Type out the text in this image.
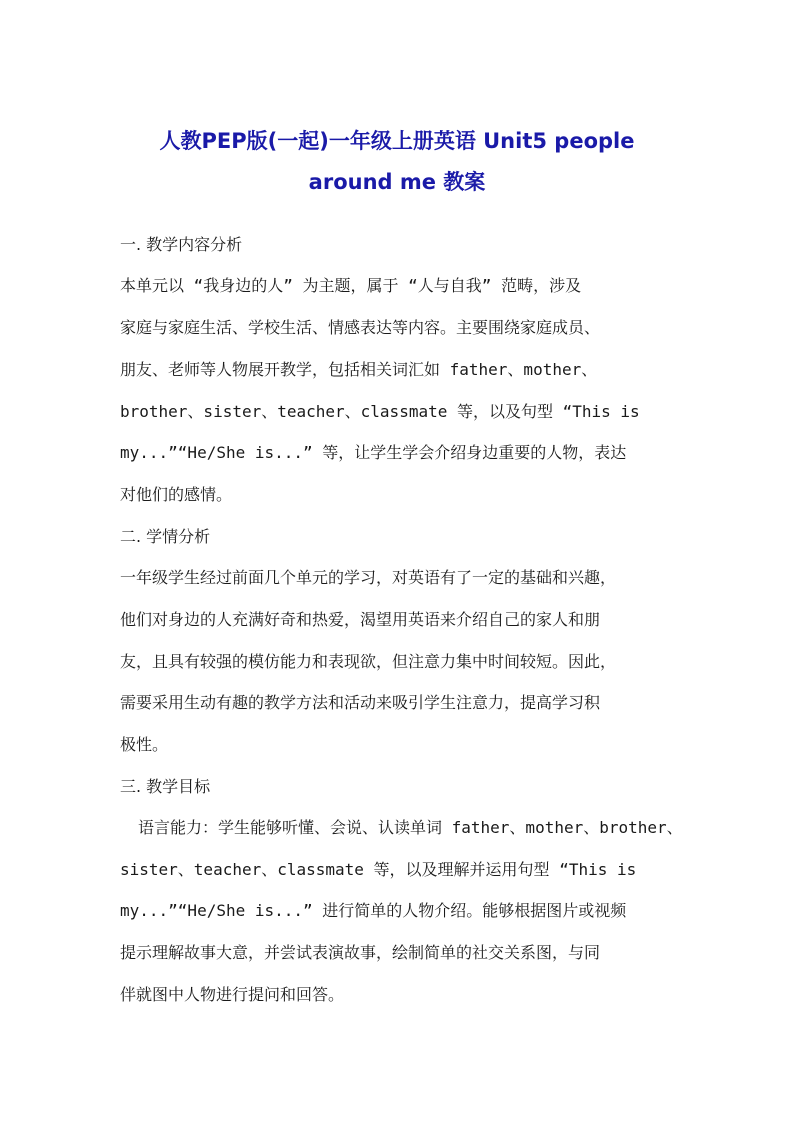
人教PEP版(一起)一年级上册英语 Unit5 people
around me 教案
一. 教学内容分析
本单元以 “我身边的人” 为主题，属于 “人与自我” 范畴，涉及
家庭与家庭生活、学校生活、情感表达等内容。主要围绕家庭成员、
朋友、老师等人物展开教学，包括相关词汇如 father、mother、
brother、sister、teacher、classmate 等，以及句型 “This is
my...”“He/She is...” 等，让学生学会介绍身边重要的人物，表达
对他们的感情。
二. 学情分析
一年级学生经过前面几个单元的学习，对英语有了一定的基础和兴趣，
他们对身边的人充满好奇和热爱，渴望用英语来介绍自己的家人和朋
友，且具有较强的模仿能力和表现欲，但注意力集中时间较短。因此，
需要采用生动有趣的教学方法和活动来吸引学生注意力，提高学习积
极性。
三. 教学目标
语言能力：学生能够听懂、会说、认读单词 father、mother、brother、
sister、teacher、classmate 等，以及理解并运用句型 “This is
my...”“He/She is...” 进行简单的人物介绍。能够根据图片或视频
提示理解故事大意，并尝试表演故事，绘制简单的社交关系图，与同
伴就图中人物进行提问和回答。
